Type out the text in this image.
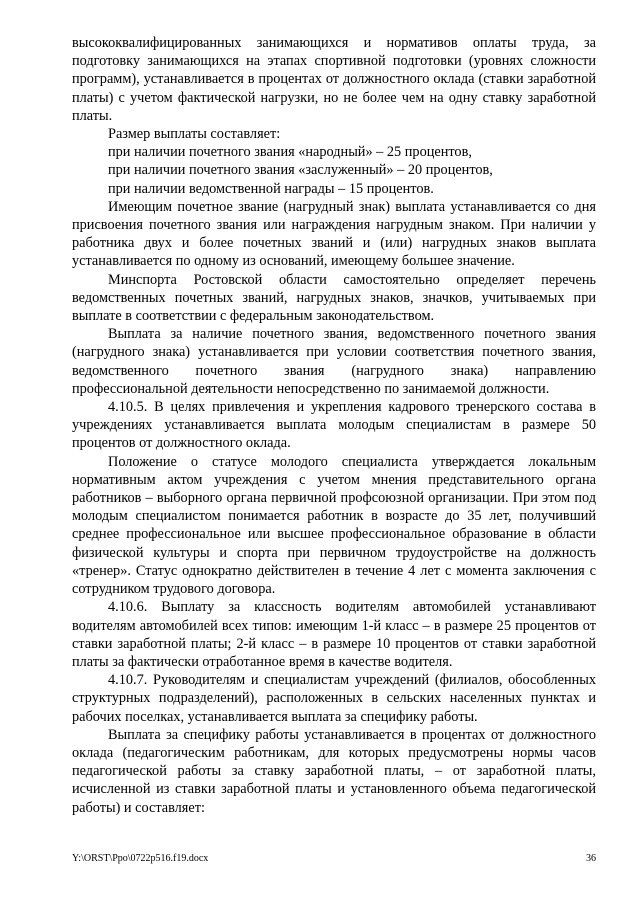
высококвалифицированных занимающихся и нормативов оплаты труда, за подготовку занимающихся на этапах спортивной подготовки (уровнях сложности программ), устанавливается в процентах от должностного оклада (ставки заработной платы) с учетом фактической нагрузки, но не более чем на одну ставку заработной платы.

Размер выплаты составляет:

при наличии почетного звания «народный» – 25 процентов,

при наличии почетного звания «заслуженный» – 20 процентов,

при наличии ведомственной награды – 15 процентов.

Имеющим почетное звание (нагрудный знак) выплата устанавливается со дня присвоения почетного звания или награждения нагрудным знаком. При наличии у работника двух и более почетных званий и (или) нагрудных знаков выплата устанавливается по одному из оснований, имеющему большее значение.

Минспорта Ростовской области самостоятельно определяет перечень ведомственных почетных званий, нагрудных знаков, значков, учитываемых при выплате в соответствии с федеральным законодательством.

Выплата за наличие почетного звания, ведомственного почетного звания (нагрудного знака) устанавливается при условии соответствия почетного звания, ведомственного почетного звания (нагрудного знака) направлению профессиональной деятельности непосредственно по занимаемой должности.

4.10.5. В целях привлечения и укрепления кадрового тренерского состава в учреждениях устанавливается выплата молодым специалистам в размере 50 процентов от должностного оклада.

Положение о статусе молодого специалиста утверждается локальным нормативным актом учреждения с учетом мнения представительного органа работников – выборного органа первичной профсоюзной организации. При этом под молодым специалистом понимается работник в возрасте до 35 лет, получивший среднее профессиональное или высшее профессиональное образование в области физической культуры и спорта при первичном трудоустройстве на должность «тренер». Статус однократно действителен в течение 4 лет с момента заключения с сотрудником трудового договора.

4.10.6. Выплату за классность водителям автомобилей устанавливают водителям автомобилей всех типов: имеющим 1-й класс – в размере 25 процентов от ставки заработной платы; 2-й класс – в размере 10 процентов от ставки заработной платы за фактически отработанное время в качестве водителя.

4.10.7. Руководителям и специалистам учреждений (филиалов, обособленных структурных подразделений), расположенных в сельских населенных пунктах и рабочих поселках, устанавливается выплата за специфику работы.

Выплата за специфику работы устанавливается в процентах от должностного оклада (педагогическим работникам, для которых предусмотрены нормы часов педагогической работы за ставку заработной платы, – от заработной платы, исчисленной из ставки заработной платы и установленного объема педагогической работы) и составляет:

Y:\ORST\Ppo\0722p516.f19.docx	36
